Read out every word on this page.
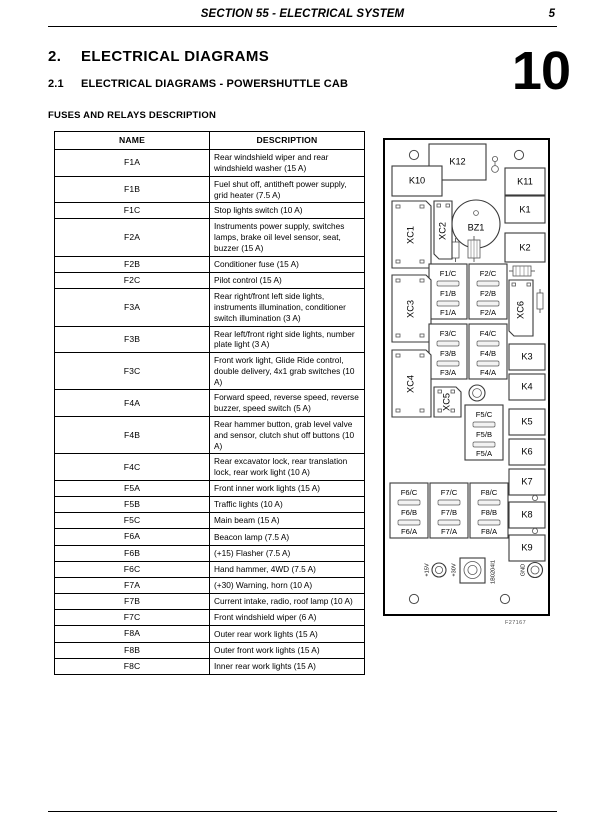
SECTION 55 - ELECTRICAL SYSTEM	5
10
2. ELECTRICAL DIAGRAMS
2.1 ELECTRICAL DIAGRAMS - POWERSHUTTLE CAB
FUSES AND RELAYS DESCRIPTION
NAME	DESCRIPTION
F1A	Rear windshield wiper and rear windshield washer (15 A)
F1B	Fuel shut off, antitheft power supply, grid heater (7.5 A)
F1C	Stop lights switch (10 A)
F2A	Instruments power supply, switches lamps, brake oil level sensor, seat, buzzer (15 A)
F2B	Conditioner fuse (15 A)
F2C	Pilot control (15 A)
F3A	Rear right/front left side lights, instruments illumination, conditioner switch illumination (3 A)
F3B	Rear left/front right side lights, number plate light (3 A)
F3C	Front work light, Glide Ride control, double delivery, 4x1 grab switches (10 A)
F4A	Forward speed, reverse speed, reverse buzzer, speed switch (5 A)
F4B	Rear hammer button, grab level valve and sensor, clutch shut off buttons (10 A)
F4C	Rear excavator lock, rear translation lock, rear work light (10 A)
F5A	Front inner work lights (15 A)
F5B	Traffic lights (10 A)
F5C	Main beam (15 A)
F6A	Beacon lamp (7.5 A)
F6B	(+15) Flasher (7.5 A)
F6C	Hand hammer, 4WD (7.5 A)
F7A	(+30) Warning, horn (10 A)
F7B	Current intake, radio, roof lamp (10 A)
F7C	Front windshield wiper (6 A)
F8A	Outer rear work lights (15 A)
F8B	Outer front work lights (15 A)
F8C	Inner rear work lights (15 A)
K12
K10	K11
K1
K2
BZ1
XC1 XC2
F1/C
F1/B
F1/A
F2/C
F2/B
F2/A
XC3	XC6
F3/C
F3/B
F3/A
F4/C
F4/B
F4/A
K3
K4
XC4
XC5
F5/C
F5/B
F5/A
K5
K6
K7
K8
K9
F6/C
F6/B
F6/A
F7/C
F7/B
F7/A
F8/C
F8/B
F8/A
+15V	+30V	1B0204I1	GND
F27167
